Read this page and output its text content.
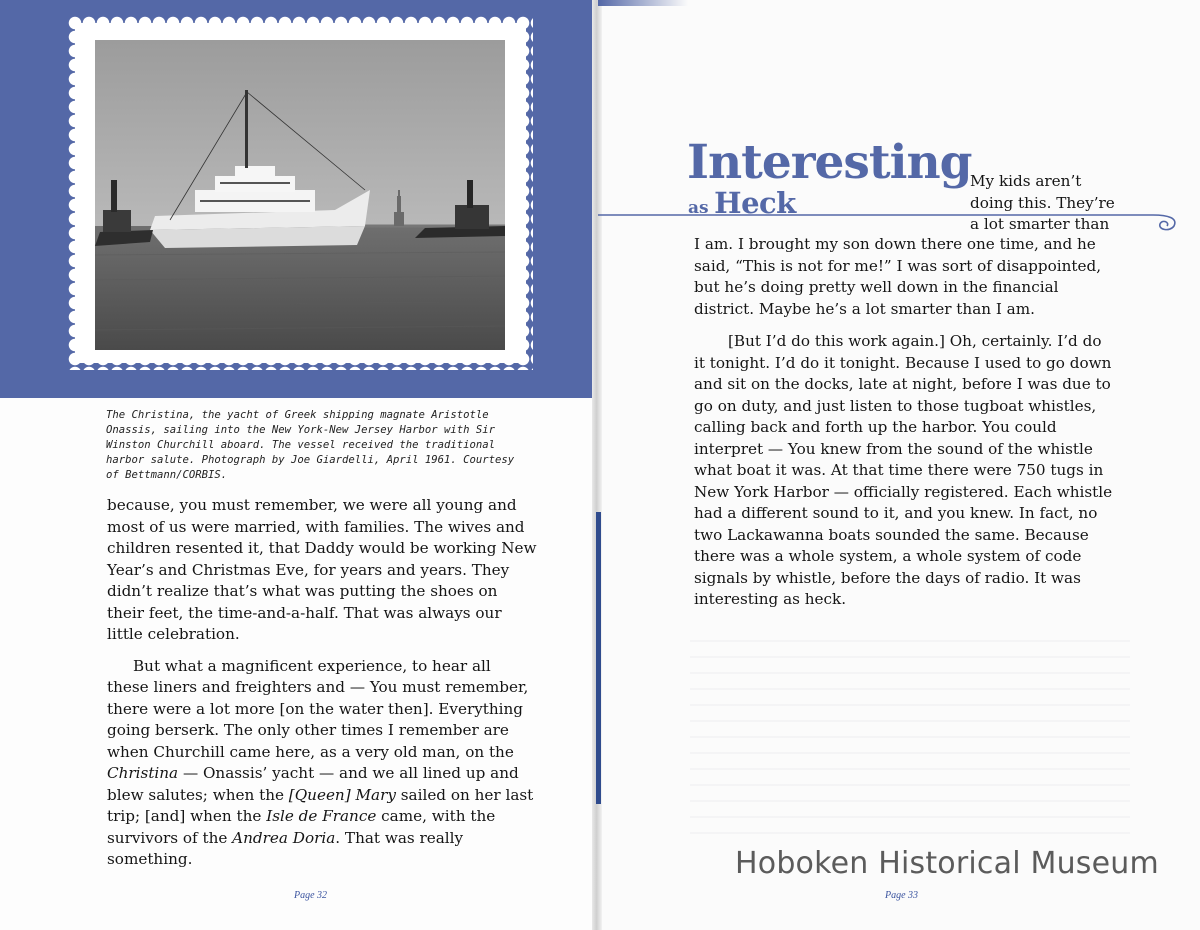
The Christina, the yacht of Greek shipping magnate Aristotle Onassis, sailing into the New York-New Jersey Harbor with Sir Winston Churchill aboard. The vessel received the traditional harbor salute. Photograph by Joe Giardelli, April 1961. Courtesy of Bettmann/CORBIS.

because, you must remember, we were all young and most of us were married, with families. The wives and children resented it, that Daddy would be working New Year’s and Christmas Eve, for years and years. They didn’t realize that’s what was putting the shoes on their feet, the time-and-a-half. That was always our little celebration.

But what a magnificent experience, to hear all these liners and freighters and — You must remember, there were a lot more [on the water then]. Everything going berserk. The only other times I remember are when Churchill came here, as a very old man, on the Christina — Onassis’ yacht — and we all lined up and blew salutes; when the [Queen] Mary sailed on her last trip; [and] when the Isle de France came, with the survivors of the Andrea Doria. That was really something.

Page 32
Interesting
as Heck

My kids aren’t doing this. They’re a lot smarter than

I am. I brought my son down there one time, and he said, “This is not for me!” I was sort of disappointed, but he’s doing pretty well down in the financial district. Maybe he’s a lot smarter than I am.

[But I’d do this work again.] Oh, certainly. I’d do it tonight. I’d do it tonight. Because I used to go down and sit on the docks, late at night, before I was due to go on duty, and just listen to those tugboat whistles, calling back and forth up the harbor. You could interpret — You knew from the sound of the whistle what boat it was. At that time there were 750 tugs in New York Harbor — officially registered. Each whistle had a different sound to it, and you knew. In fact, no two Lackawanna boats sounded the same. Because there was a whole system, a whole system of code signals by whistle, before the days of radio. It was interesting as heck.

Page 33
Hoboken Historical Museum
